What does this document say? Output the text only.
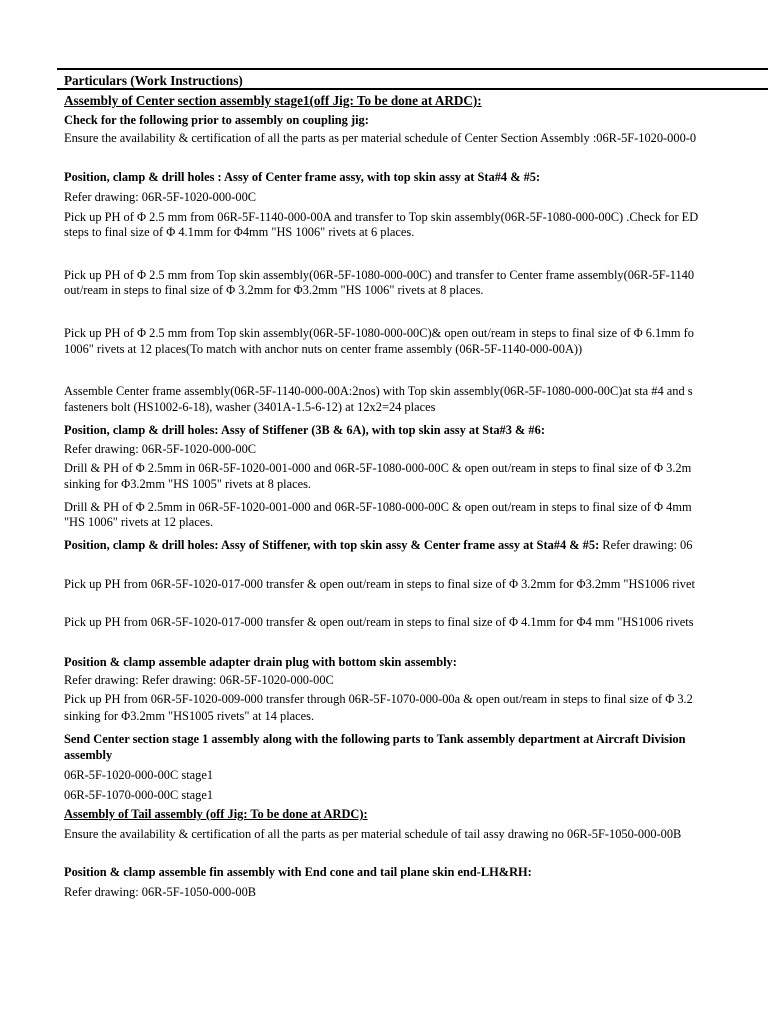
Particulars (Work Instructions)
Assembly of Center section assembly stage1(off Jig: To be done at ARDC):
Check for the following prior to assembly on coupling jig:
Ensure the availability & certification of all the parts as per material schedule of Center Section Assembly :06R-5F-1020-000-0
Position, clamp & drill holes : Assy of Center frame assy, with top skin assy at Sta#4 & #5:
Refer drawing: 06R-5F-1020-000-00C
Pick up PH of Φ 2.5 mm from 06R-5F-1140-000-00A and transfer to Top skin assembly(06R-5F-1080-000-00C) .Check for ED
steps to final size of Φ 4.1mm for Φ4mm "HS 1006" rivets at 6 places.
Pick up PH of Φ 2.5 mm from Top skin assembly(06R-5F-1080-000-00C) and transfer to Center frame assembly(06R-5F-1140
out/ream in steps to final size of Φ 3.2mm for Φ3.2mm "HS 1006" rivets at 8 places.
Pick up PH of Φ 2.5 mm from Top skin assembly(06R-5F-1080-000-00C)& open out/ream in steps to final size of Φ 6.1mm fo
1006" rivets at 12 places(To match with anchor nuts on center frame assembly (06R-5F-1140-000-00A))
Assemble Center frame assembly(06R-5F-1140-000-00A:2nos) with Top skin assembly(06R-5F-1080-000-00C)at sta #4 and s
fasteners bolt (HS1002-6-18), washer (3401A-1.5-6-12) at 12x2=24 places
Position, clamp & drill holes: Assy of Stiffener (3B & 6A), with top skin assy at Sta#3 & #6:
Refer drawing: 06R-5F-1020-000-00C
Drill & PH of Φ 2.5mm in 06R-5F-1020-001-000 and 06R-5F-1080-000-00C & open out/ream in steps to final size of Φ 3.2m
sinking for Φ3.2mm "HS 1005" rivets at 8 places.
Drill & PH of Φ 2.5mm in 06R-5F-1020-001-000 and 06R-5F-1080-000-00C & open out/ream in steps to final size of Φ 4mm
"HS 1006" rivets at 12 places.
Position, clamp & drill holes: Assy of Stiffener, with top skin assy & Center frame assy at Sta#4 & #5: Refer drawing: 06
Pick up PH from 06R-5F-1020-017-000 transfer & open out/ream in steps to final size of Φ 3.2mm for Φ3.2mm "HS1006 rivet
Pick up PH from 06R-5F-1020-017-000 transfer & open out/ream in steps to final size of Φ 4.1mm for Φ4 mm "HS1006 rivets
Position & clamp assemble adapter drain plug with bottom skin assembly:
Refer drawing: Refer drawing: 06R-5F-1020-000-00C
Pick up PH from 06R-5F-1020-009-000 transfer through 06R-5F-1070-000-00a & open out/ream in steps to final size of Φ 3.2
sinking for Φ3.2mm "HS1005 rivets" at 14 places.
Send Center section stage 1 assembly along with the following parts to Tank assembly department at Aircraft Division
assembly
06R-5F-1020-000-00C stage1
06R-5F-1070-000-00C stage1
Assembly of Tail assembly (off Jig: To be done at ARDC):
Ensure the availability & certification of all the parts as per material schedule of tail assy drawing no 06R-5F-1050-000-00B
Position & clamp assemble fin assembly with End cone and tail plane skin end-LH&RH:
Refer drawing: 06R-5F-1050-000-00B
